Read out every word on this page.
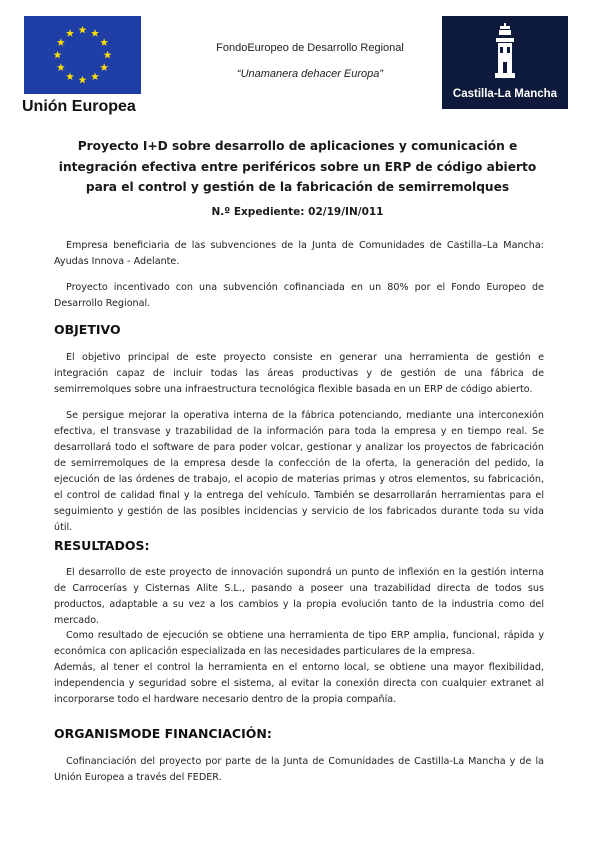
Unión Europea
FondoEuropeo de Desarrollo Regional
“Unamanera dehacer Europa”
Castilla-La Mancha
Proyecto I+D sobre desarrollo de aplicaciones y comunicación e
integración efectiva entre periféricos sobre un ERP de código abierto
para el control y gestión de la fabricación de semirremolques
N.º Expediente: 02/19/IN/011
Empresa beneficiaria de las subvenciones de la Junta de Comunidades de Castilla–La Mancha: Ayudas Innova - Adelante.
Proyecto incentivado con una subvención cofinanciada en un 80% por el Fondo Europeo de Desarrollo Regional.
OBJETIVO
El objetivo principal de este proyecto consiste en generar una herramienta de gestión e integración capaz de incluir todas las áreas productivas y de gestión de una fábrica de semirremolques sobre una infraestructura tecnológica flexible basada en un ERP de código abierto.
Se persigue mejorar la operativa interna de la fábrica potenciando, mediante una interconexión efectiva, el transvase y trazabilidad de la información para toda la empresa y en tiempo real. Se desarrollará todo el software de para poder volcar, gestionar y analizar los proyectos de fabricación de semirremolques de la empresa desde la confección de la oferta, la generación del pedido, la ejecución de las órdenes de trabajo, el acopio de materias primas y otros elementos, su fabricación, el control de calidad final y la entrega del vehículo. También se desarrollarán herramientas para el seguimiento y gestión de las posibles incidencias y servicio de los fabricados durante toda su vida útil.
RESULTADOS:
El desarrollo de este proyecto de innovación supondrá un punto de inflexión en la gestión interna de Carrocerías y Cisternas Alite S.L., pasando a poseer una trazabilidad directa de todos sus productos, adaptable a su vez a los cambios y la propia evolución tanto de la industria como del mercado.
Como resultado de ejecución se obtiene una herramienta de tipo ERP amplia, funcional, rápida y económica con aplicación especializada en las necesidades particulares de la empresa.
Además, al tener el control la herramienta en el entorno local, se obtiene una mayor flexibilidad, independencia y seguridad sobre el sistema, al evitar la conexión directa con cualquier extranet al incorporarse todo el hardware necesario dentro de la propia compañía.
ORGANISMODE FINANCIACIÓN:
Cofinanciación del proyecto por parte de la Junta de Comunidades de Castilla-La Mancha y de la Unión Europea a través del FEDER.
